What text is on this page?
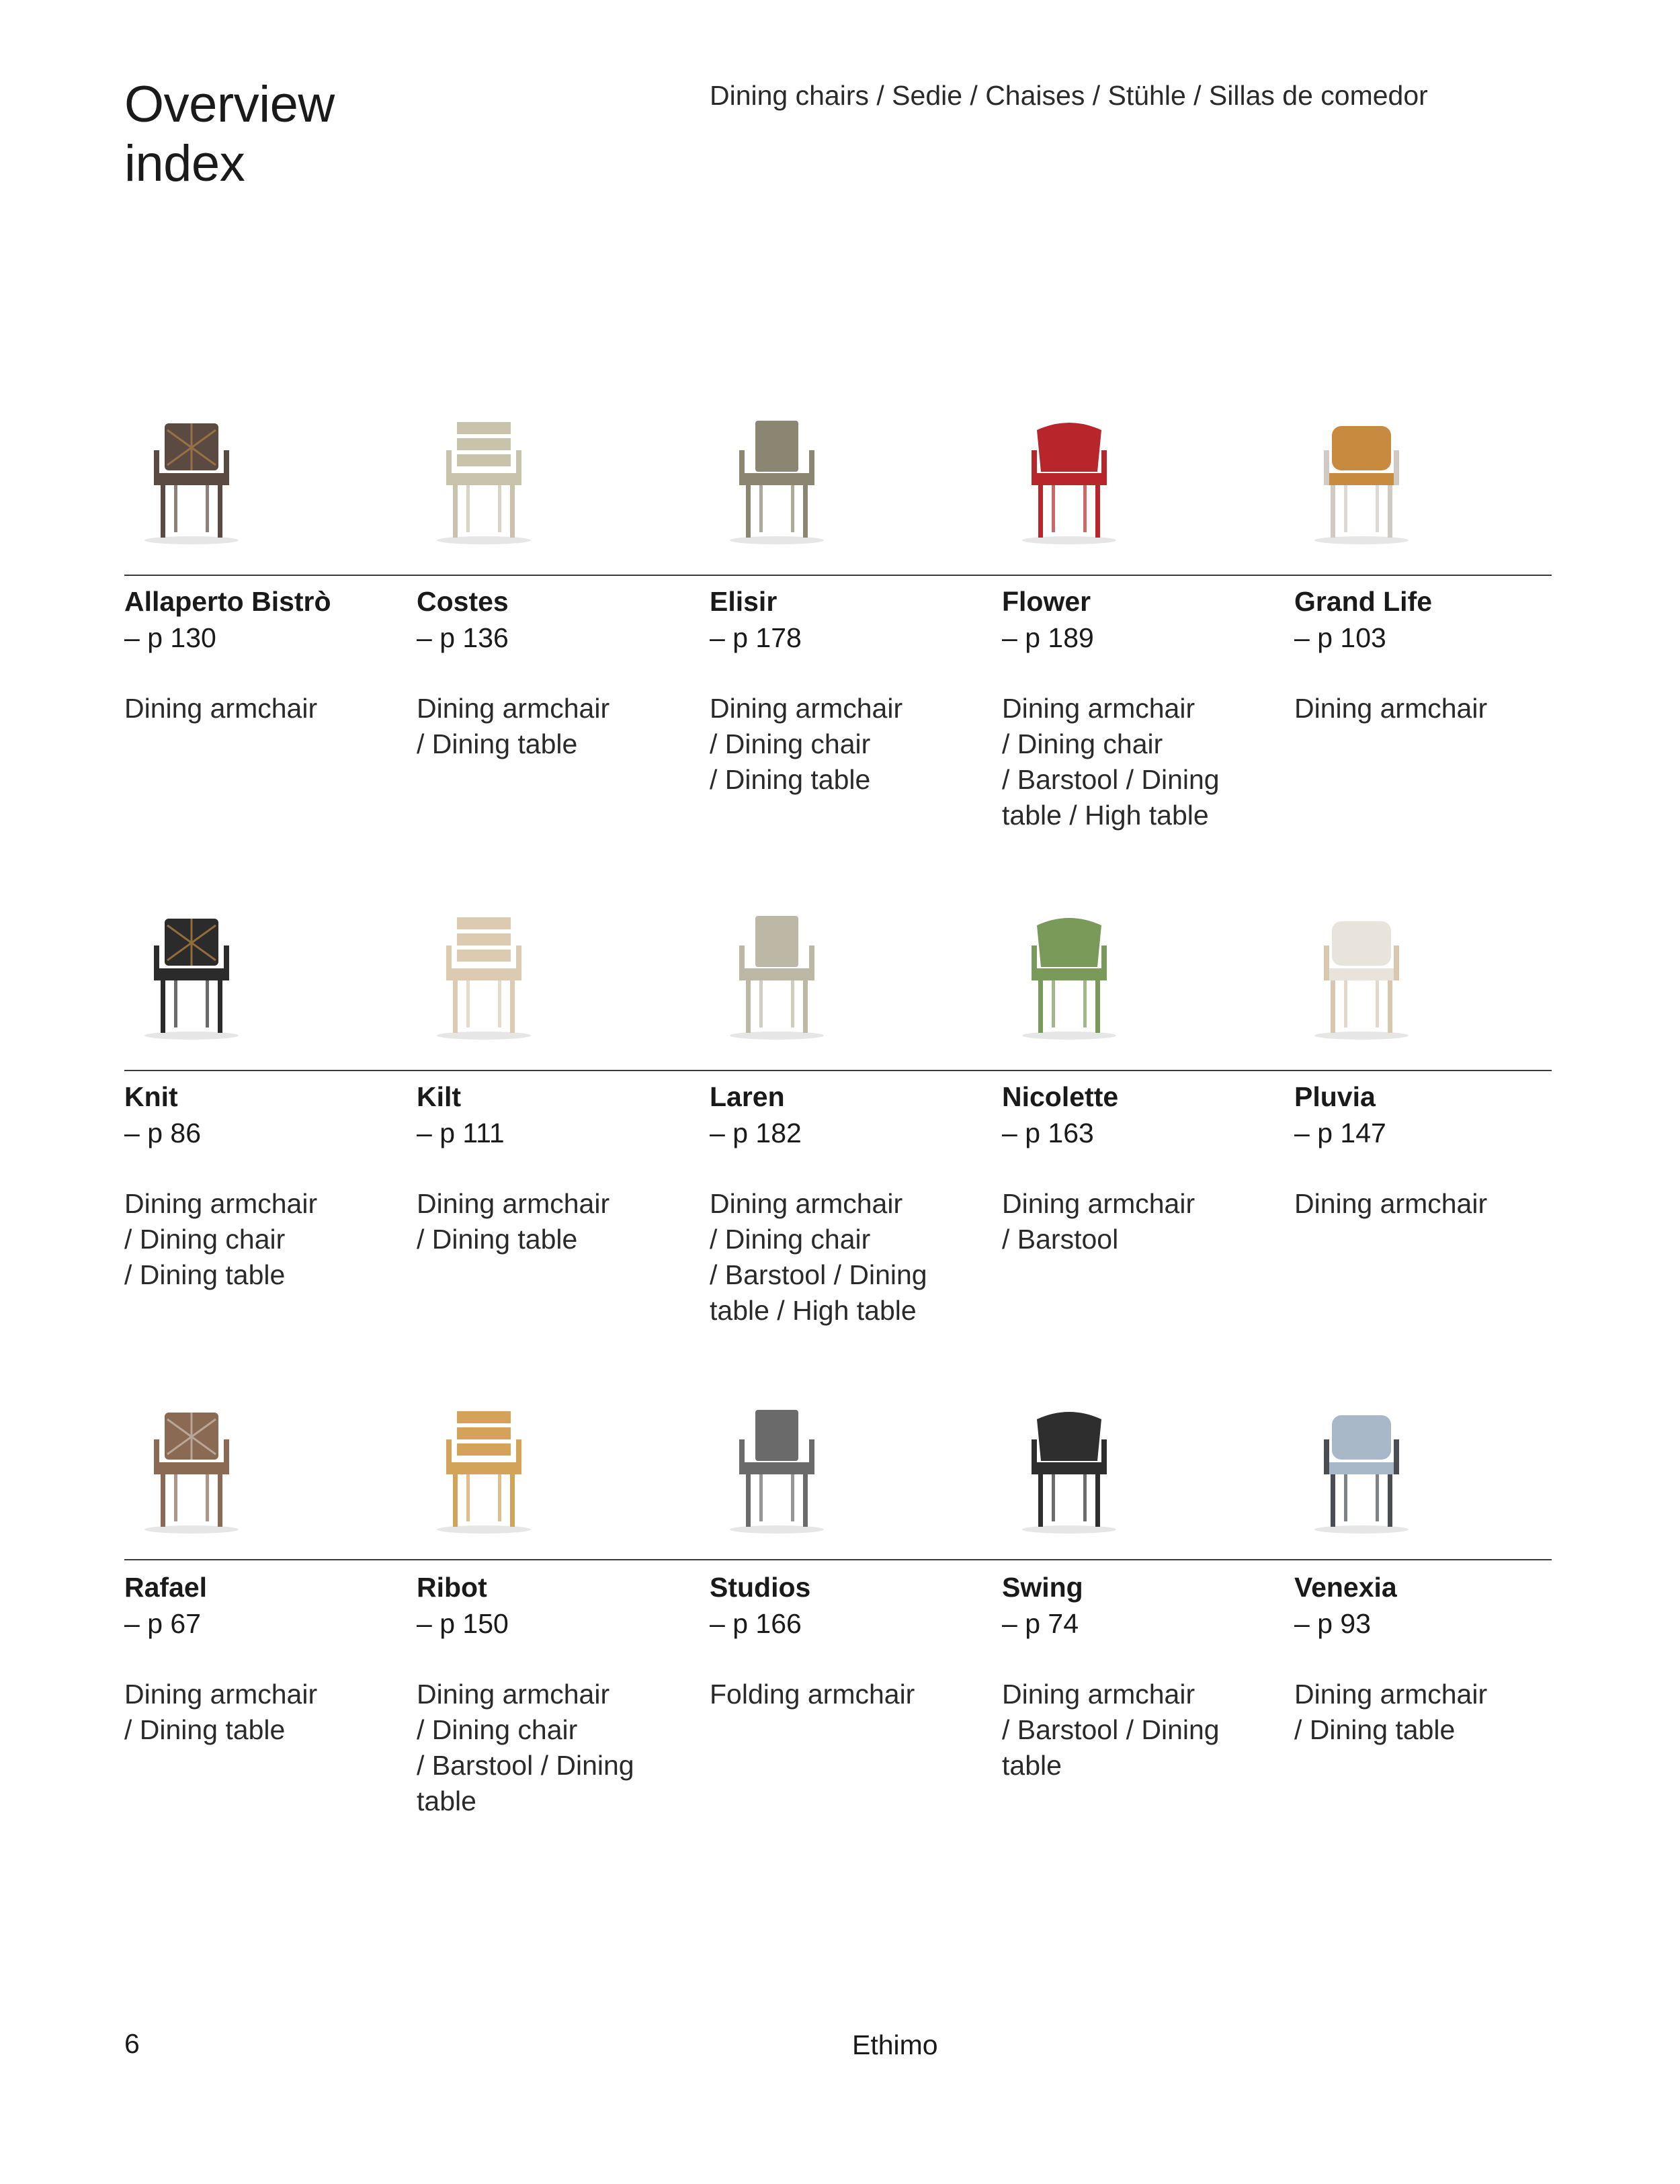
Overview
index

Dining chairs / Sedie / Chaises / Stühle / Sillas de comedor

Allaperto Bistrò

– p 130

Dining armchair

Costes

– p 136

Dining armchair
/ Dining table

Elisir

– p 178

Dining armchair
/ Dining chair
/ Dining table

Flower

– p 189

Dining armchair
/ Dining chair
/ Barstool / Dining
table / High table

Grand Life

– p 103

Dining armchair

Knit

– p 86

Dining armchair
/ Dining chair
/ Dining table

Kilt

– p 111

Dining armchair
/ Dining table

Laren

– p 182

Dining armchair
/ Dining chair
/ Barstool / Dining
table / High table

Nicolette

– p 163

Dining armchair
/ Barstool

Pluvia

– p 147

Dining armchair

Rafael

– p 67

Dining armchair
/ Dining table

Ribot

– p 150

Dining armchair
/ Dining chair
/ Barstool / Dining
table

Studios

– p 166

Folding armchair

Swing

– p 74

Dining armchair
/ Barstool / Dining
table

Venexia

– p 93

Dining armchair
/ Dining table

6	Ethimo
